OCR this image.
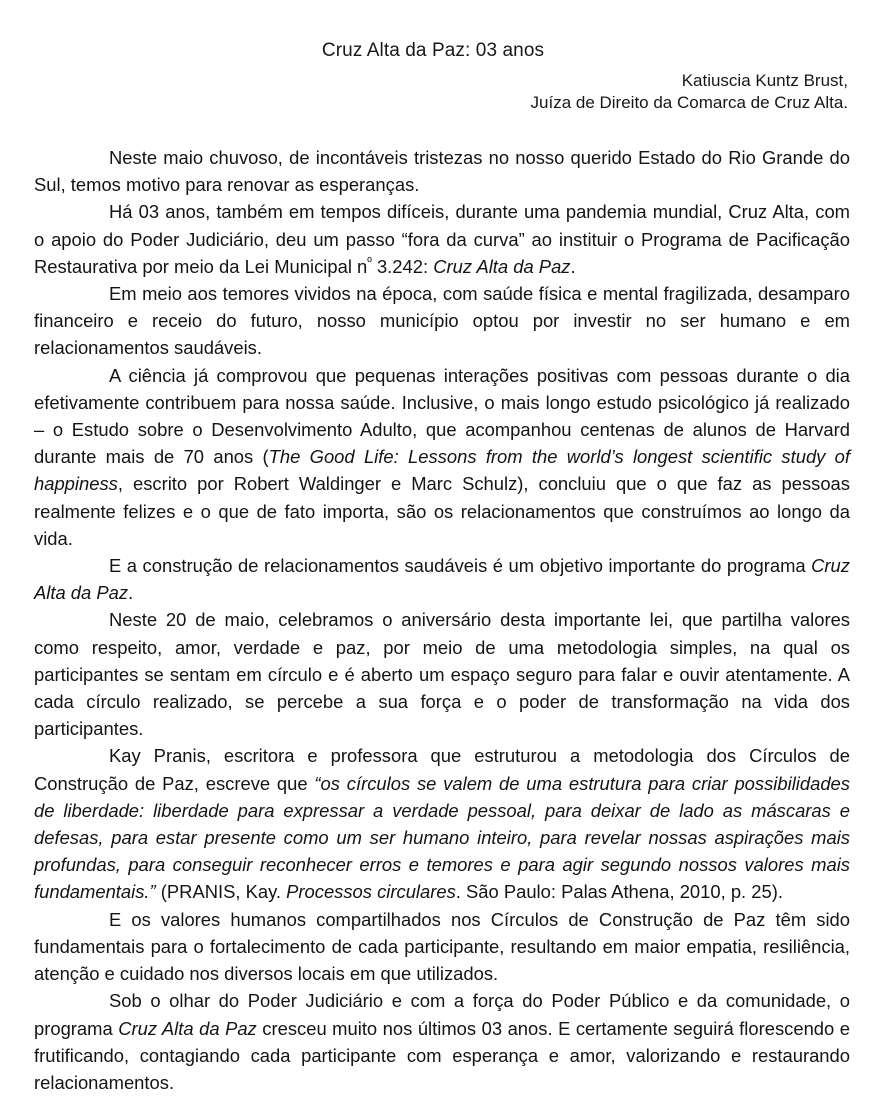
Cruz Alta da Paz: 03 anos
Katiuscia Kuntz Brust,
Juíza de Direito da Comarca de Cruz Alta.

Neste maio chuvoso, de incontáveis tristezas no nosso querido Estado do Rio Grande do Sul, temos motivo para renovar as esperanças.

Há 03 anos, também em tempos difíceis, durante uma pandemia mundial, Cruz Alta, com o apoio do Poder Judiciário, deu um passo “fora da curva” ao instituir o Programa de Pacificação Restaurativa por meio da Lei Municipal $n^º$ 3.242: Cruz Alta da Paz.

Em meio aos temores vividos na época, com saúde física e mental fragilizada, desamparo financeiro e receio do futuro, nosso município optou por investir no ser humano e em relacionamentos saudáveis.

A ciência já comprovou que pequenas interações positivas com pessoas durante o dia efetivamente contribuem para nossa saúde. Inclusive, o mais longo estudo psicológico já realizado – o Estudo sobre o Desenvolvimento Adulto, que acompanhou centenas de alunos de Harvard durante mais de 70 anos (The Good Life: Lessons from the world’s longest scientific study of happiness, escrito por Robert Waldinger e Marc Schulz), concluiu que o que faz as pessoas realmente felizes e o que de fato importa, são os relacionamentos que construímos ao longo da vida.

E a construção de relacionamentos saudáveis é um objetivo importante do programa Cruz Alta da Paz.

Neste 20 de maio, celebramos o aniversário desta importante lei, que partilha valores como respeito, amor, verdade e paz, por meio de uma metodologia simples, na qual os participantes se sentam em círculo e é aberto um espaço seguro para falar e ouvir atentamente. A cada círculo realizado, se percebe a sua força e o poder de transformação na vida dos participantes.

Kay Pranis, escritora e professora que estruturou a metodologia dos Círculos de Construção de Paz, escreve que “os círculos se valem de uma estrutura para criar possibilidades de liberdade: liberdade para expressar a verdade pessoal, para deixar de lado as máscaras e defesas, para estar presente como um ser humano inteiro, para revelar nossas aspirações mais profundas, para conseguir reconhecer erros e temores e para agir segundo nossos valores mais fundamentais.” (PRANIS, Kay. Processos circulares. São Paulo: Palas Athena, 2010, p. 25).

E os valores humanos compartilhados nos Círculos de Construção de Paz têm sido fundamentais para o fortalecimento de cada participante, resultando em maior empatia, resiliência, atenção e cuidado nos diversos locais em que utilizados.

Sob o olhar do Poder Judiciário e com a força do Poder Público e da comunidade, o programa Cruz Alta da Paz cresceu muito nos últimos 03 anos. E certamente seguirá florescendo e frutificando, contagiando cada participante com esperança e amor, valorizando e restaurando relacionamentos.
